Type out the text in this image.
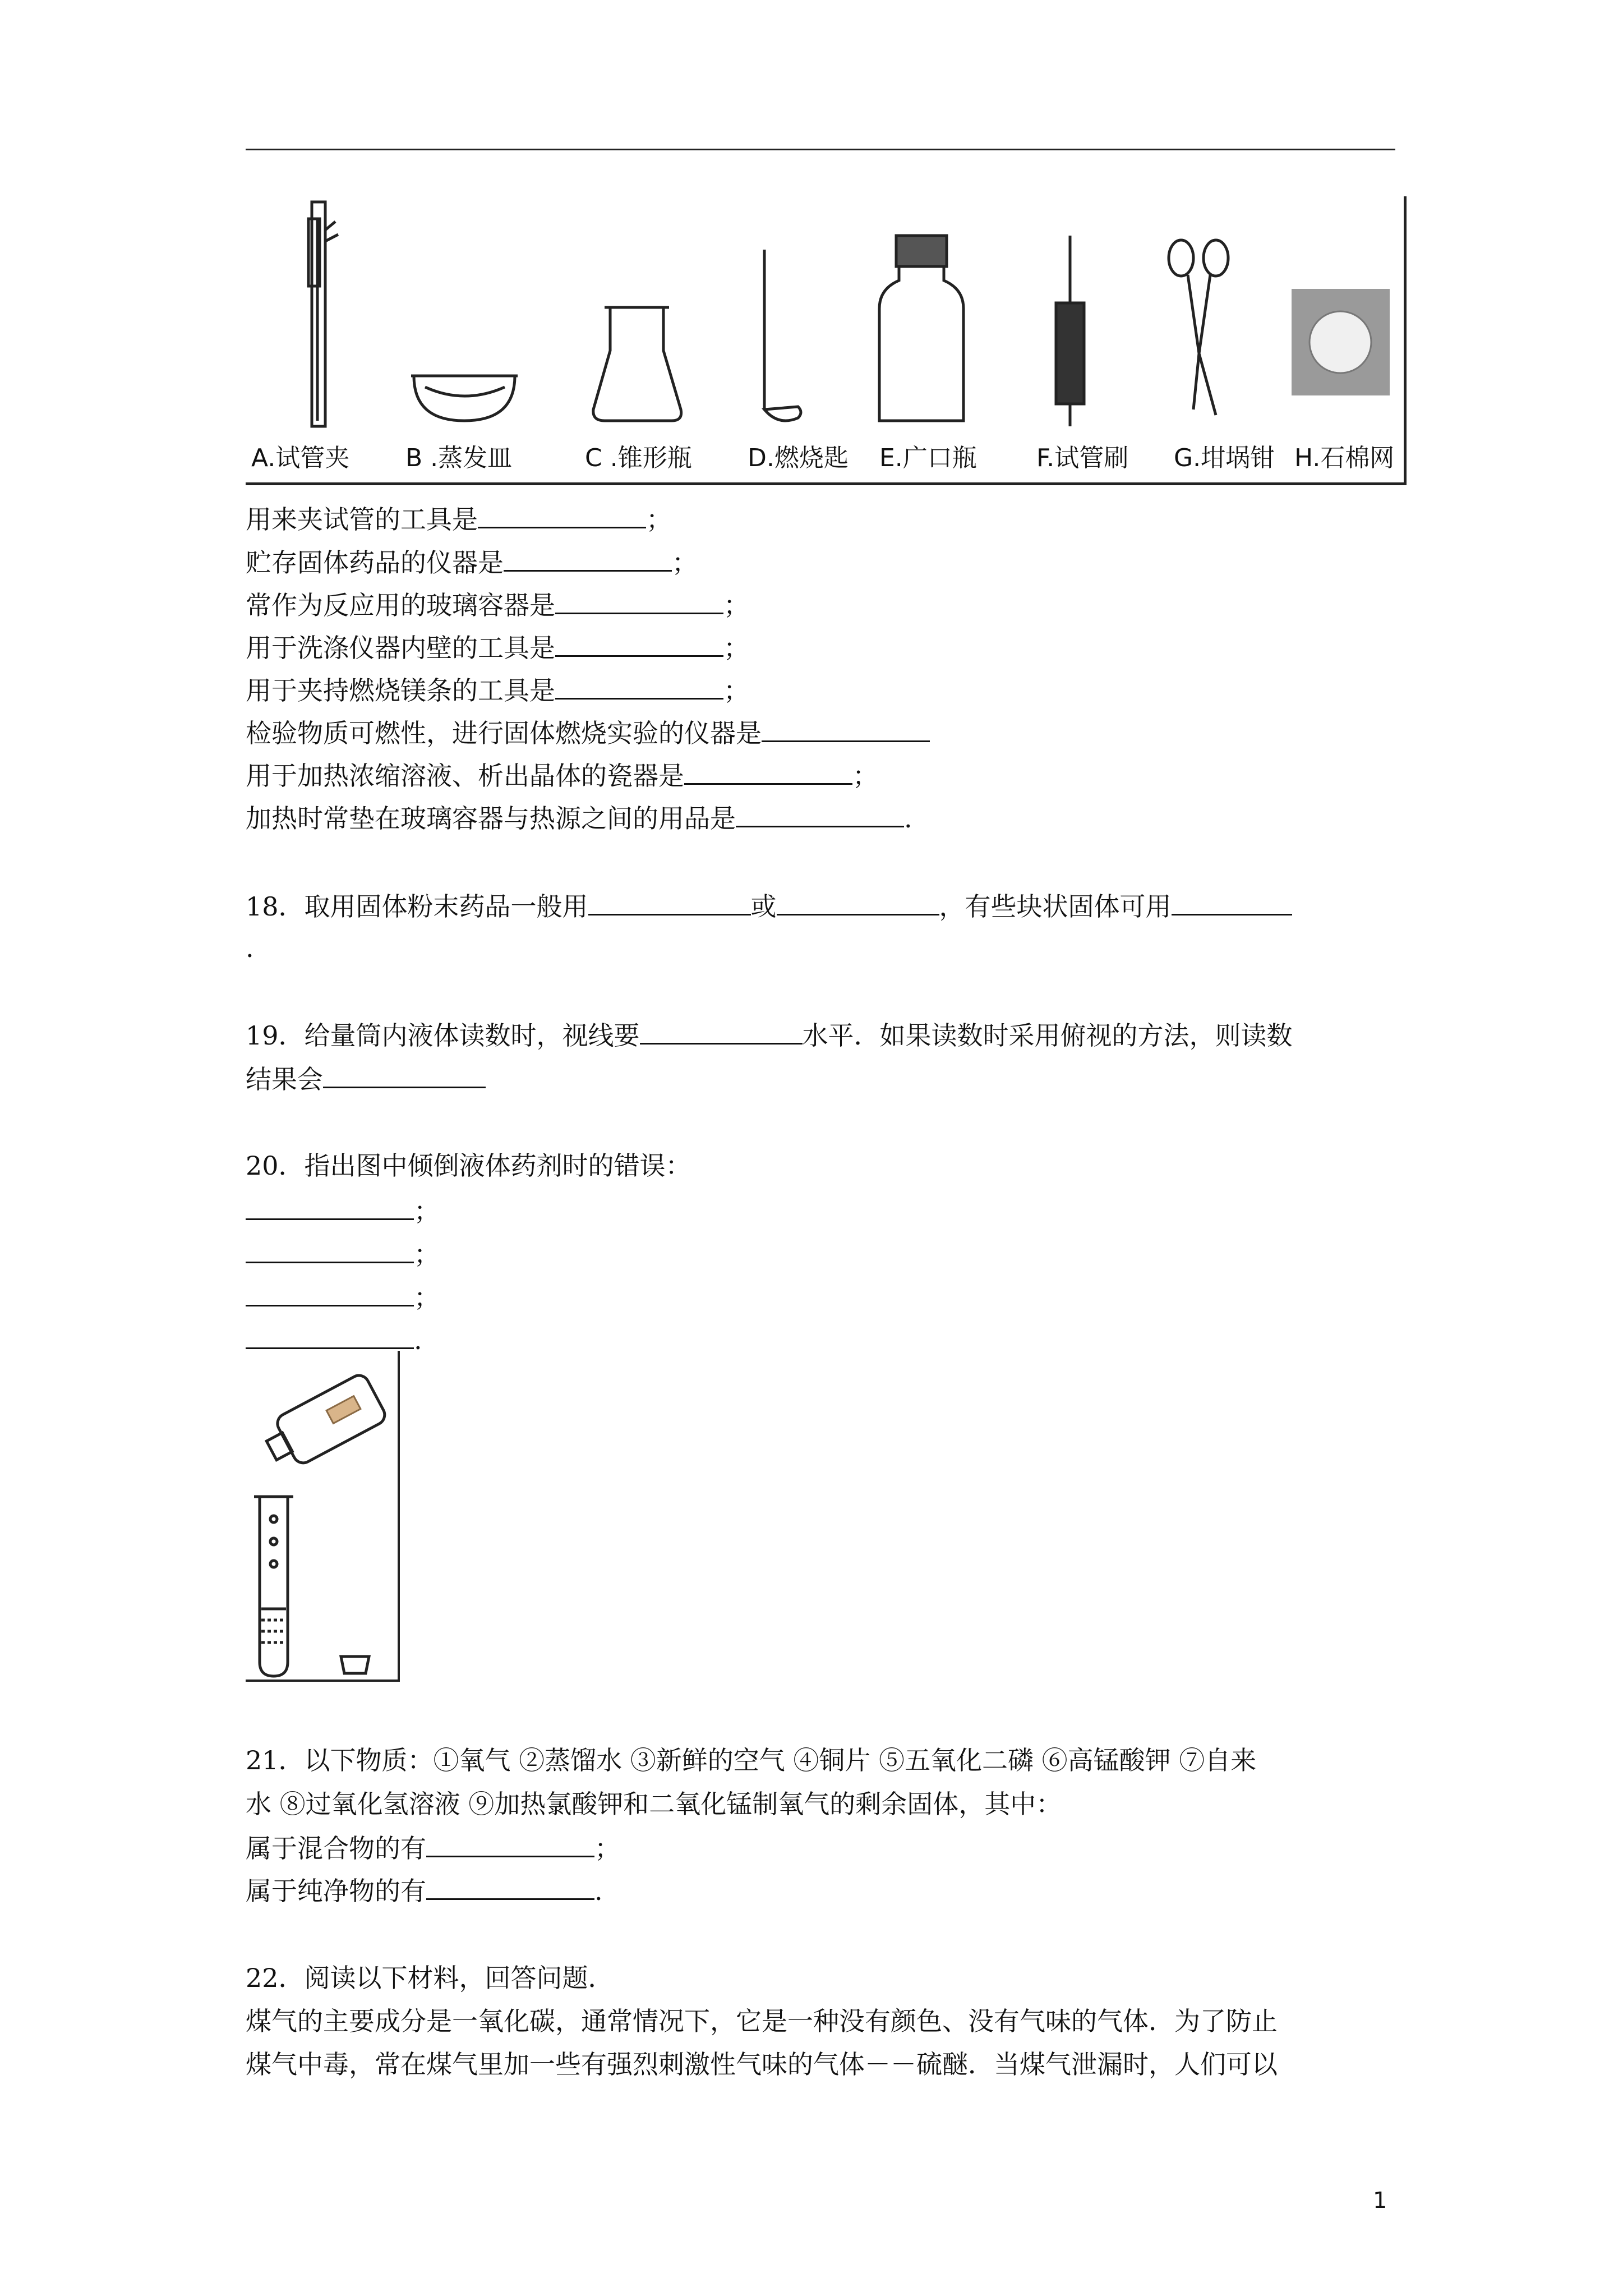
A.试管夹 B .蒸发皿	C .锥形瓶 D.燃烧匙 E.广口瓶 F.试管刷 G.坩埚钳 H.石棉网
用来夹试管的工具是	；
贮存固体药品的仪器是	；
常作为反应用的玻璃容器是	；
用于洗涤仪器内壁的工具是	；
用于夹持燃烧镁条的工具是	；
检验物质可燃性，进行固体燃烧实验的仪器是
用于加热浓缩溶液、析出晶体的瓷器是	；
加热时常垫在玻璃容器与热源之间的用品是	.
18．取用固体粉末药品一般用	或	，有些块状固体可用
.
19．给量筒内液体读数时，视线要	水平．如果读数时采用俯视的方法，则读数
结果会
20．指出图中倾倒液体药剂时的错误：
；
；
；
.
21．以下物质：①氧气 ②蒸馏水 ③新鲜的空气 ④铜片 ⑤五氧化二磷 ⑥高锰酸钾 ⑦自来
水 ⑧过氧化氢溶液 ⑨加热氯酸钾和二氧化锰制氧气的剩余固体，其中：
属于混合物的有	；
属于纯净物的有	.
22．阅读以下材料，回答问题．
煤气的主要成分是一氧化碳，通常情况下，它是一种没有颜色、没有气味的气体．为了防止
煤气中毒，常在煤气里加一些有强烈刺激性气味的气体－－硫醚．当煤气泄漏时，人们可以
1
